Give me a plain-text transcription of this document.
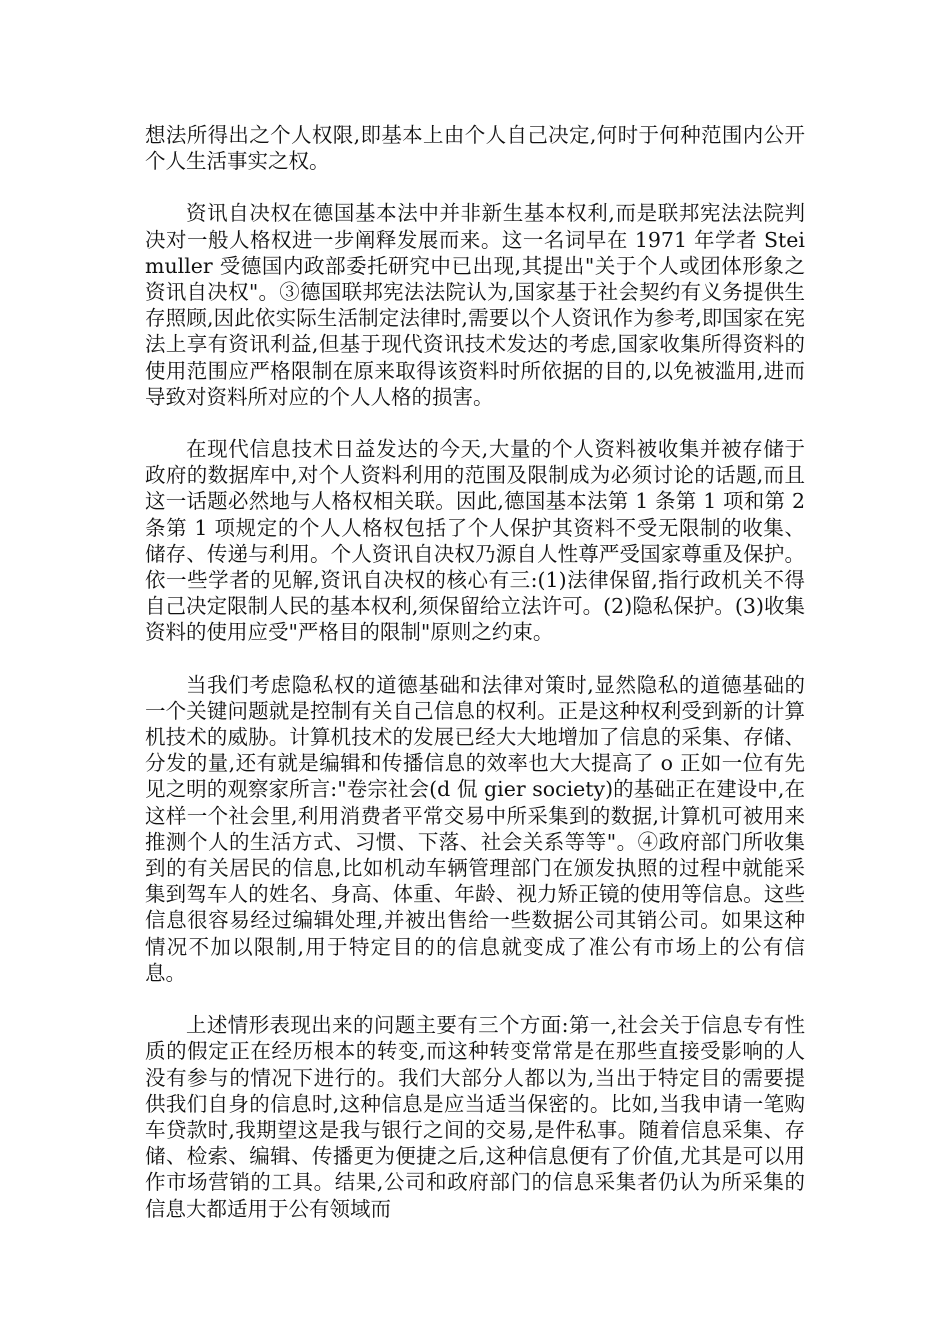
想法所得出之个人权限,即基本上由个人自己决定,何时于何种范围内公开个人生活事实之权。

资讯自决权在德国基本法中并非新生基本权利,而是联邦宪法法院判决对一般人格权进一步阐释发展而来。这一名词早在 1971 年学者 Steimuller 受德国内政部委托研究中已出现,其提出"关于个人或团体形象之资讯自决权"。③德国联邦宪法法院认为,国家基于社会契约有义务提供生存照顾,因此依实际生活制定法律时,需要以个人资讯作为参考,即国家在宪法上享有资讯利益,但基于现代资讯技术发达的考虑,国家收集所得资料的使用范围应严格限制在原来取得该资料时所依据的目的,以免被滥用,进而导致对资料所对应的个人人格的损害。

在现代信息技术日益发达的今天,大量的个人资料被收集并被存储于政府的数据库中,对个人资料利用的范围及限制成为必须讨论的话题,而且这一话题必然地与人格权相关联。因此,德国基本法第 1 条第 1 项和第 2 条第 1 项规定的个人人格权包括了个人保护其资料不受无限制的收集、储存、传递与利用。个人资讯自决权乃源自人性尊严受国家尊重及保护。依一些学者的见解,资讯自决权的核心有三:(1)法律保留,指行政机关不得自己决定限制人民的基本权利,须保留给立法许可。(2)隐私保护。(3)收集资料的使用应受"严格目的限制"原则之约束。

当我们考虑隐私权的道德基础和法律对策时,显然隐私的道德基础的一个关键问题就是控制有关自己信息的权利。正是这种权利受到新的计算机技术的威胁。计算机技术的发展已经大大地增加了信息的采集、存储、分发的量,还有就是编辑和传播信息的效率也大大提高了 o 正如一位有先见之明的观察家所言:"卷宗社会(d 侃 gier society)的基础正在建设中,在这样一个社会里,利用消费者平常交易中所采集到的数据,计算机可被用来推测个人的生活方式、习惯、下落、社会关系等等"。④政府部门所收集到的有关居民的信息,比如机动车辆管理部门在颁发执照的过程中就能采集到驾车人的姓名、身高、体重、年龄、视力矫正镜的使用等信息。这些信息很容易经过编辑处理,并被出售给一些数据公司其销公司。如果这种情况不加以限制,用于特定目的的信息就变成了准公有市场上的公有信息。

上述情形表现出来的问题主要有三个方面:第一,社会关于信息专有性质的假定正在经历根本的转变,而这种转变常常是在那些直接受影响的人没有参与的情况下进行的。我们大部分人都以为,当出于特定目的需要提供我们自身的信息时,这种信息是应当适当保密的。比如,当我申请一笔购车贷款时,我期望这是我与银行之间的交易,是件私事。随着信息采集、存储、检索、编辑、传播更为便捷之后,这种信息便有了价值,尤其是可以用作市场营销的工具。结果,公司和政府部门的信息采集者仍认为所采集的信息大都适用于公有领域而
